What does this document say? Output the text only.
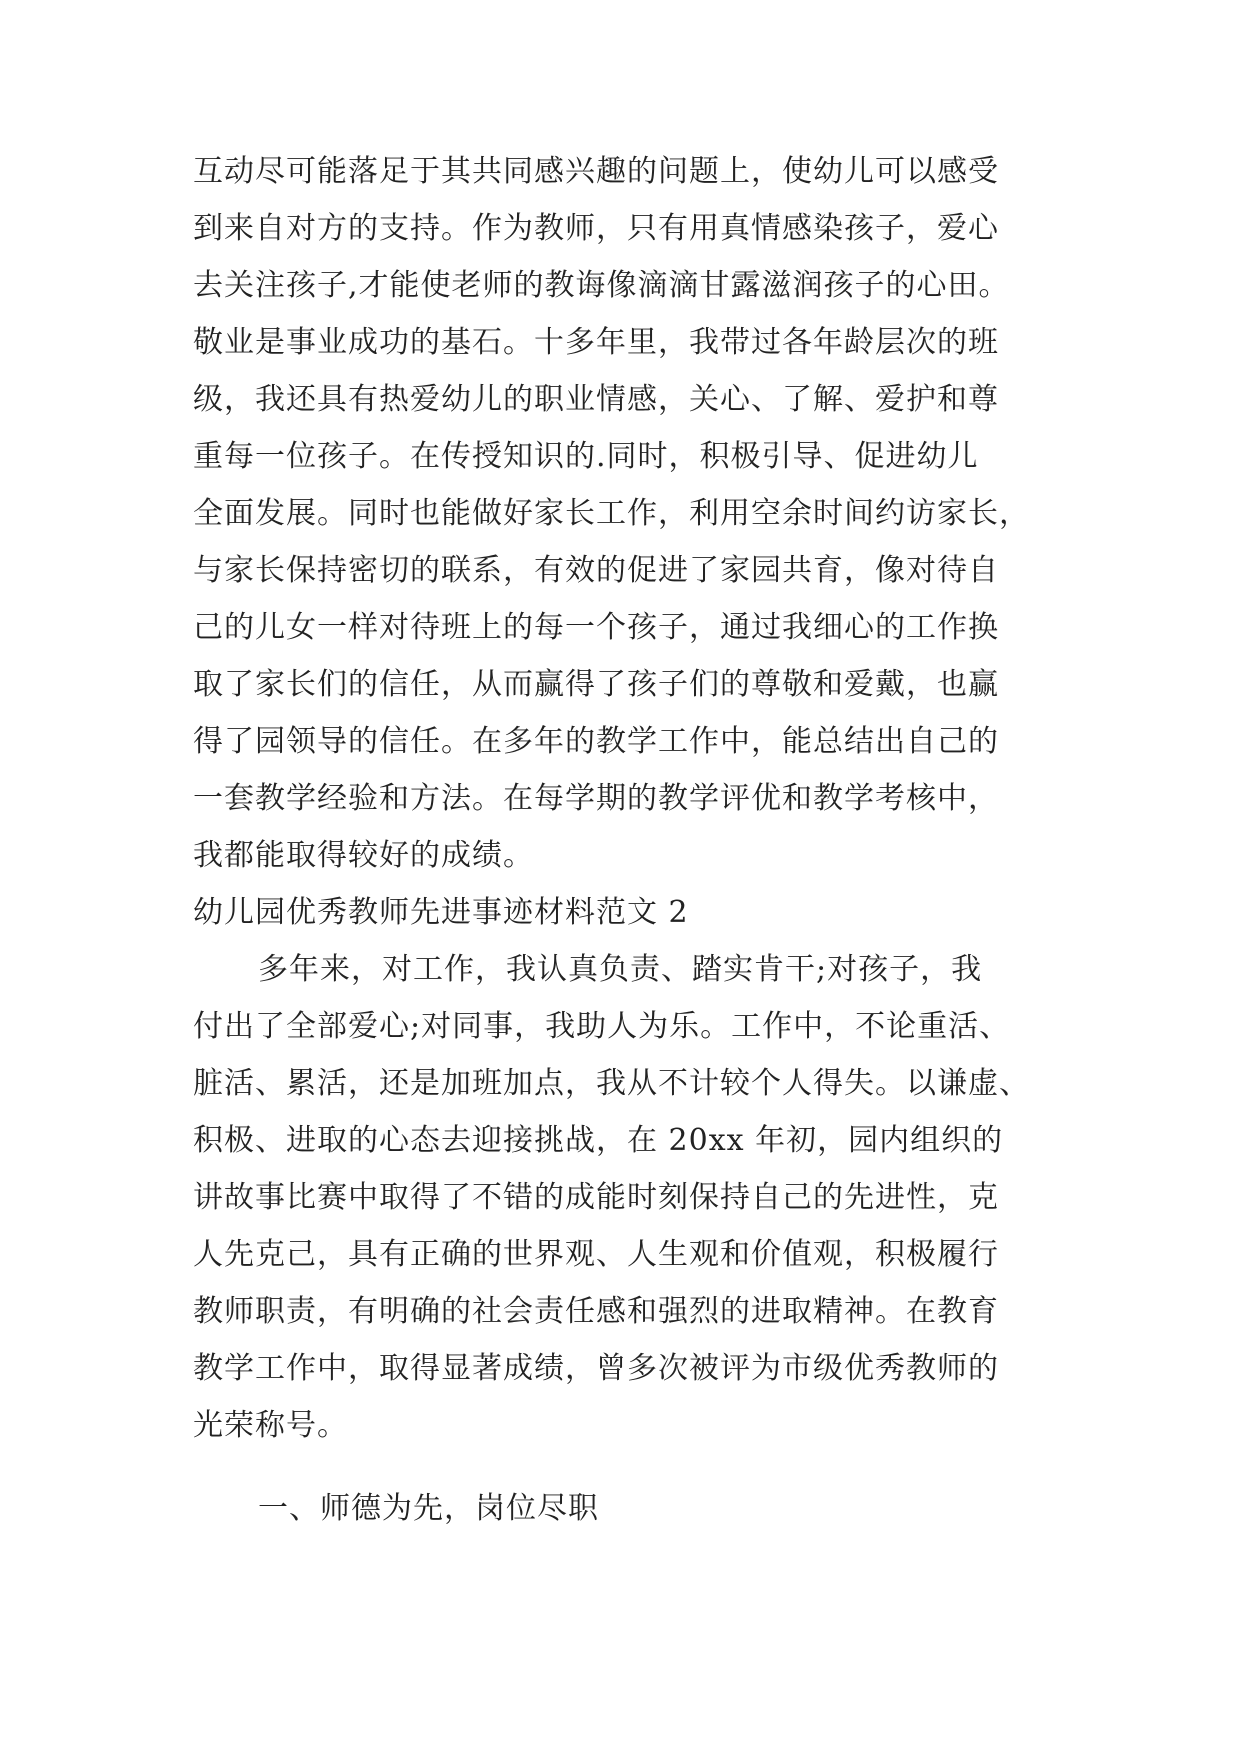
互动尽可能落足于其共同感兴趣的问题上，使幼儿可以感受
到来自对方的支持。作为教师，只有用真情感染孩子，爱心
去关注孩子,才能使老师的教诲像滴滴甘露滋润孩子的心田。
敬业是事业成功的基石。十多年里，我带过各年龄层次的班
级，我还具有热爱幼儿的职业情感，关心、了解、爱护和尊
重每一位孩子。在传授知识的.同时，积极引导、促进幼儿
全面发展。同时也能做好家长工作，利用空余时间约访家长，
与家长保持密切的联系，有效的促进了家园共育，像对待自
己的儿女一样对待班上的每一个孩子，通过我细心的工作换
取了家长们的信任，从而赢得了孩子们的尊敬和爱戴，也赢
得了园领导的信任。在多年的教学工作中，能总结出自己的
一套教学经验和方法。在每学期的教学评优和教学考核中，
我都能取得较好的成绩。
幼儿园优秀教师先进事迹材料范文 2
多年来，对工作，我认真负责、踏实肯干;对孩子，我
付出了全部爱心;对同事，我助人为乐。工作中，不论重活、
脏活、累活，还是加班加点，我从不计较个人得失。以谦虚、
积极、进取的心态去迎接挑战，在 20xx 年初，园内组织的
讲故事比赛中取得了不错的成能时刻保持自己的先进性，克
人先克己，具有正确的世界观、人生观和价值观，积极履行
教师职责，有明确的社会责任感和强烈的进取精神。在教育
教学工作中，取得显著成绩，曾多次被评为市级优秀教师的
光荣称号。
一、师德为先，岗位尽职
